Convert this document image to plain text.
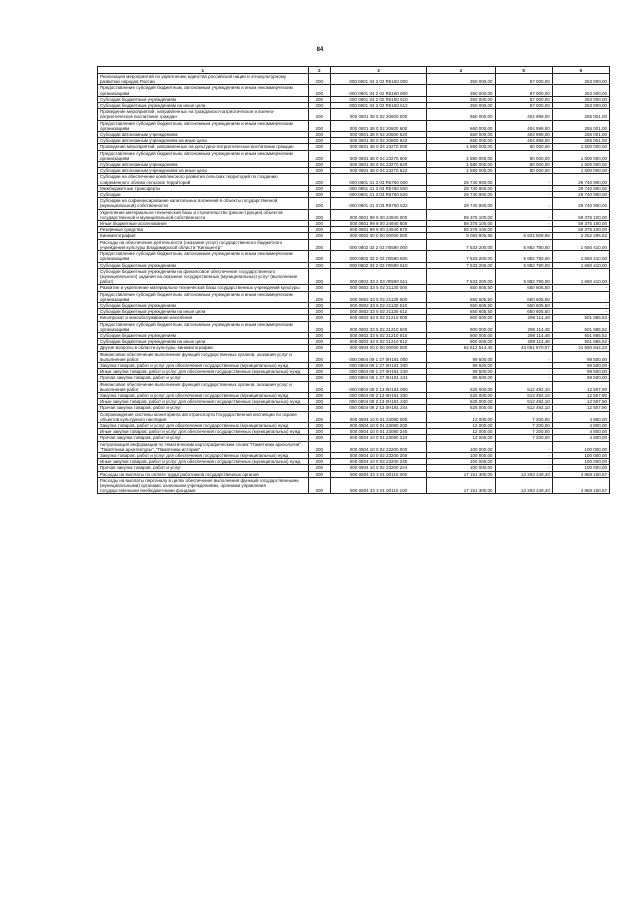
84
1	2	3	4	5	6
Реализация мероприятий по укреплению единства российской нации и этнокультурному развитию народов России	200	000 0801 34 2 02 R5160 000	350 000,00	87 000,00	263 000,00
Предоставление субсидий бюджетным, автономным учреждениям и иным некоммерческим организациям	200	000 0801 34 2 02 R5160 600	350 000,00	87 000,00	263 000,00
Субсидии бюджетным учреждениям	200	000 0801 34 2 02 R5160 610	350 000,00	87 000,00	263 000,00
Субсидии бюджетным учреждениям на иные цели	200	000 0801 34 2 02 R5160 612	350 000,00	87 000,00	263 000,00
Проведение мероприятий, направленных на гражданско-патриотическое и военно-патриотическое воспитание граждан	200	000 0801 38 0 02 20600 000	660 000,00	404 999,00	255 001,00
Предоставление субсидий бюджетным, автономным учреждениям и иным некоммерческим организациям	200	000 0801 38 0 02 20600 600	660 000,00	404 999,00	255 001,00
Субсидии автономным учреждениям	200	000 0801 38 0 02 20600 620	660 000,00	404 999,00	255 001,00
Субсидии автономным учреждениям на иные цели	200	000 0801 38 0 02 20600 622	660 000,00	404 999,00	255 001,00
Проведение мероприятий, направленных на культурно-патриотическое воспитание граждан	200	000 0801 38 0 04 23270 000	1 580 000,00	80 000,00	1 500 000,00
Предоставление субсидий бюджетным, автономным учреждениям и иным некоммерческим организациям	200	000 0801 38 0 04 23270 600	1 580 000,00	80 000,00	1 500 000,00
Субсидии автономным учреждениям	200	000 0801 38 0 04 23270 620	1 580 000,00	80 000,00	1 500 000,00
Субсидии автономным учреждениям на иные цели	200	000 0801 38 0 04 23270 622	1 580 000,00	80 000,00	1 500 000,00
Субсидии на обеспечение комплексного развития сельских территорий по созданию современного облика сельских территорий	200	000 0801 41 3 03 R5760 000	29 740 900,00	-	29 740 900,00
Межбюджетные трансферты	200	000 0801 41 3 03 R5760 500	29 740 900,00	-	29 740 900,00
Субсидии	200	000 0801 41 3 03 R5760 520	29 740 900,00	-	29 740 900,00
Субсидии на софинансирование капитальных вложений в объекты государственной (муниципальной) собственности	200	000 0801 41 3 03 R5760 522	29 740 900,00	-	29 740 900,00
Укрепление материально-технической базы и строительство (реконструкция) объектов государственной и муниципальной собственности	200	000 0801 99 9 00 24940 000	59 375 100,00	-	59 375 100,00
Иные бюджетные ассигнования	200	000 0801 99 9 00 24940 800	59 375 100,00	-	59 375 100,00
Резервные средства	200	000 0801 99 9 00 24940 870	59 375 100,00	-	59 375 100,00
Кинематография	200	000 0802 00 0 00 00000 000	9 083 805,56	6 831 509,96	2 252 295,52
Расходы на обеспечение деятельности (оказание услуг) государственного бюджетного учреждения культуры Владимирской области "Киноцентр"	200	000 0802 33 2 03 Л0590 000	7 533 200,00	5 882 790,00	1 650 410,00
Предоставление субсидий бюджетным, автономным учреждениям и иным некоммерческим организациям	200	000 0802 33 2 03 Л0590 600	7 533 200,00	5 882 790,00	1 650 410,00
Субсидии бюджетным учреждениям	200	000 0802 33 2 03 Л0590 610	7 533 200,00	5 882 790,00	1 650 410,00
Субсидии бюджетным учреждениям на финансовое обеспечение государственного (муниципального) задания на оказание государственных (муниципальных) услуг (выполнение работ)	200	000 0802 33 2 03 Л0590 611	7 533 200,00	5 882 790,00	1 650 410,00
Развитие и укрепление материально-технической базы государственных учреждений культуры	200	000 0802 33 5 02 21130 000	650 605,50	650 605,50	-
Предоставление субсидий бюджетным, автономным учреждениям и иным некоммерческим организациям	200	000 0802 33 5 02 21130 600	650 605,50	650 605,50	-
Субсидии бюджетным учреждениям	200	000 0802 33 5 02 21130 610	650 605,50	650 605,50	-
Субсидии бюджетным учреждениям на иные цели	200	000 0802 33 5 02 21130 612	650 605,50	650 605,50	-
Кинопрокат и кинообслуживание населения	200	000 0802 33 5 02 21210 000	900 000,00	298 114,48	601 885,52
Предоставление субсидий бюджетным, автономным учреждениям и иным некоммерческим организациям	200	000 0802 33 5 02 21210 600	900 000,00	298 114,48	601 885,52
Субсидии бюджетным учреждениям	200	000 0802 33 5 02 21210 610	900 000,00	298 114,48	601 885,52
Субсидии бюджетным учреждениям на иные цели	200	000 0802 33 5 02 21210 612	900 000,00	298 114,48	601 885,52
Другие вопросы в области культуры, кинематографии	200	000 0804 00 0 00 00000 000	64 612 514,40	43 061 670,07	21 550 844,33
Финансовое обеспечение выполнения функций государственных органов, оказания услуг и выполнения работ	200	000 0804 09 1 27 0Н191 000	99 500,00	-	99 500,00
Закупка товаров, работ и услуг для обеспечения государственных (муниципальных) нужд	200	000 0804 09 1 27 0Н191 200	99 500,00	-	99 500,00
Иные закупки товаров, работ и услуг для обеспечения государственных (муниципальных) нужд	200	000 0804 09 1 27 0Н191 240	99 500,00	-	99 500,00
Прочая закупка товаров, работ и услуг	200	000 0804 09 1 27 0Н191 244	99 500,00	-	99 500,00
Финансовое обеспечение выполнения функций государственных органов, оказания услуг и выполнения работ	200	000 0804 09 2 13 0Н191 000	525 000,00	512 492,10	12 507,90
Закупка товаров, работ и услуг для обеспечения государственных (муниципальных) нужд	200	000 0804 09 2 13 0Н191 200	525 000,00	512 492,10	12 507,90
Иные закупки товаров, работ и услуг для обеспечения государственных (муниципальных) нужд	200	000 0804 09 2 13 0Н191 240	525 000,00	512 492,10	12 507,90
Прочая закупка товаров, работ и услуг	200	000 0804 09 2 13 0Н191 244	525 000,00	512 492,10	12 507,90
Сопровождение системы мониторинга автотранспорта Государственной инспекции по охране объектов культурного наследия	200	000 0804 10 0 01 23080 000	12 000,00	7 200,00	4 800,00
Закупка товаров, работ и услуг для обеспечения государственных (муниципальных) нужд	200	000 0804 10 0 01 23080 200	12 000,00	7 200,00	4 800,00
Иные закупки товаров, работ и услуг для обеспечения государственных (муниципальных) нужд	200	000 0804 10 0 01 23080 240	12 000,00	7 200,00	4 800,00
Прочая закупка товаров, работ и услуг	200	000 0804 10 0 01 23080 244	12 000,00	7 200,00	4 800,00
Актуализация информации по тематическим картографическим слоям "Памятники археологии", "Памятники архитектуры", "Памятники истории"	200	000 0804 10 0 02 23200 000	100 000,00	-	100 000,00
Закупка товаров, работ и услуг для обеспечения государственных (муниципальных) нужд	200	000 0804 10 0 02 23200 200	100 000,00	-	100 000,00
Иные закупки товаров, работ и услуг для обеспечения государственных (муниципальных) нужд	200	000 0804 10 0 02 23200 240	100 000,00	-	100 000,00
Прочая закупка товаров, работ и услуг	200	000 0804 10 0 02 23200 244	100 000,00	-	100 000,00
Расходы на выплаты по оплате труда работников государственных органов	200	000 0804 33 3 01 00110 000	17 151 300,00	12 283 149,43	4 868 150,57
Расходы на выплаты персоналу в целях обеспечения выполнения функций государственными (муниципальными) органами, казенными учреждениями, органами управления государственными внебюджетными фондами	200	000 0804 33 3 01 00110 100	17 151 300,00	12 283 149,43	4 868 150,57
